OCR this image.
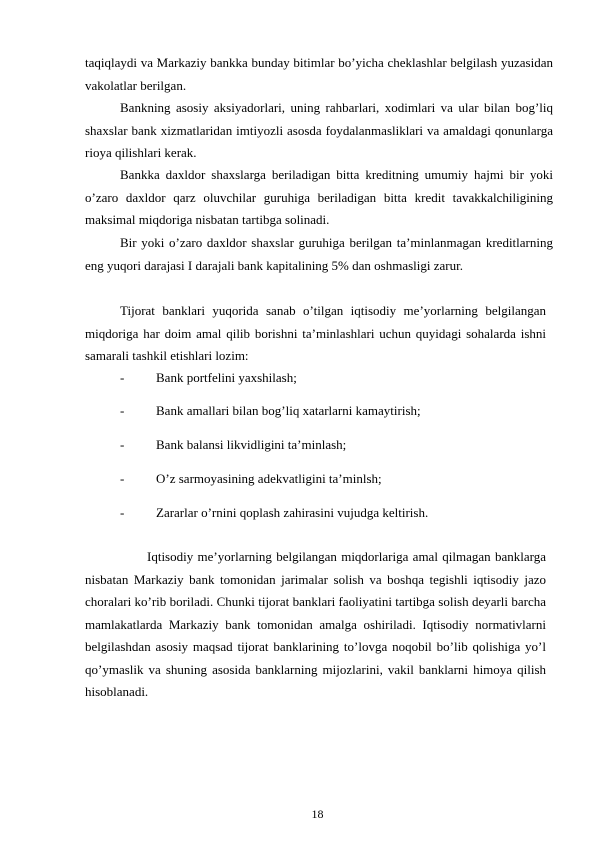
taqiqlaydi va Markaziy bankka bunday bitimlar bo’yicha cheklashlar belgilash yuzasidan vakolatlar berilgan.

Bankning asosiy aksiyadorlari, uning rahbarlari, xodimlari va ular bilan bog’liq shaxslar bank xizmatlaridan imtiyozli asosda foydalanmasliklari va amaldagi qonunlarga rioya qilishlari kerak.

Bankka daxldor shaxslarga beriladigan bitta kreditning umumiy hajmi bir yoki o’zaro daxldor qarz oluvchilar guruhiga beriladigan bitta kredit tavakkalchiligining maksimal miqdoriga nisbatan tartibga solinadi.

Bir yoki o’zaro daxldor shaxslar guruhiga berilgan ta’minlanmagan kreditlarning eng yuqori darajasi I darajali bank kapitalining 5% dan oshmasligi zarur.

Tijorat banklari yuqorida sanab o’tilgan iqtisodiy me’yorlarning belgilangan miqdoriga har doim amal qilib borishni ta’minlashlari uchun quyidagi sohalarda ishni samarali tashkil etishlari lozim:

- Bank portfelini yaxshilash;
- Bank amallari bilan bog’liq xatarlarni kamaytirish;
- Bank balansi likvidligini ta’minlash;
- O’z sarmoyasining adekvatligini ta’minlsh;
- Zararlar o’rnini qoplash zahirasini vujudga keltirish.

Iqtisodiy me’yorlarning belgilangan miqdorlariga amal qilmagan banklarga nisbatan Markaziy bank tomonidan jarimalar solish va boshqa tegishli iqtisodiy jazo choralari ko’rib boriladi. Chunki tijorat banklari faoliyatini tartibga solish deyarli barcha mamlakatlarda Markaziy bank tomonidan amalga oshiriladi. Iqtisodiy normativlarni belgilashdan asosiy maqsad tijorat banklarining to’lovga noqobil bo’lib qolishiga yo’l qo’ymaslik va shuning asosida banklarning mijozlarini, vakil banklarni himoya qilish hisoblanadi.

18
